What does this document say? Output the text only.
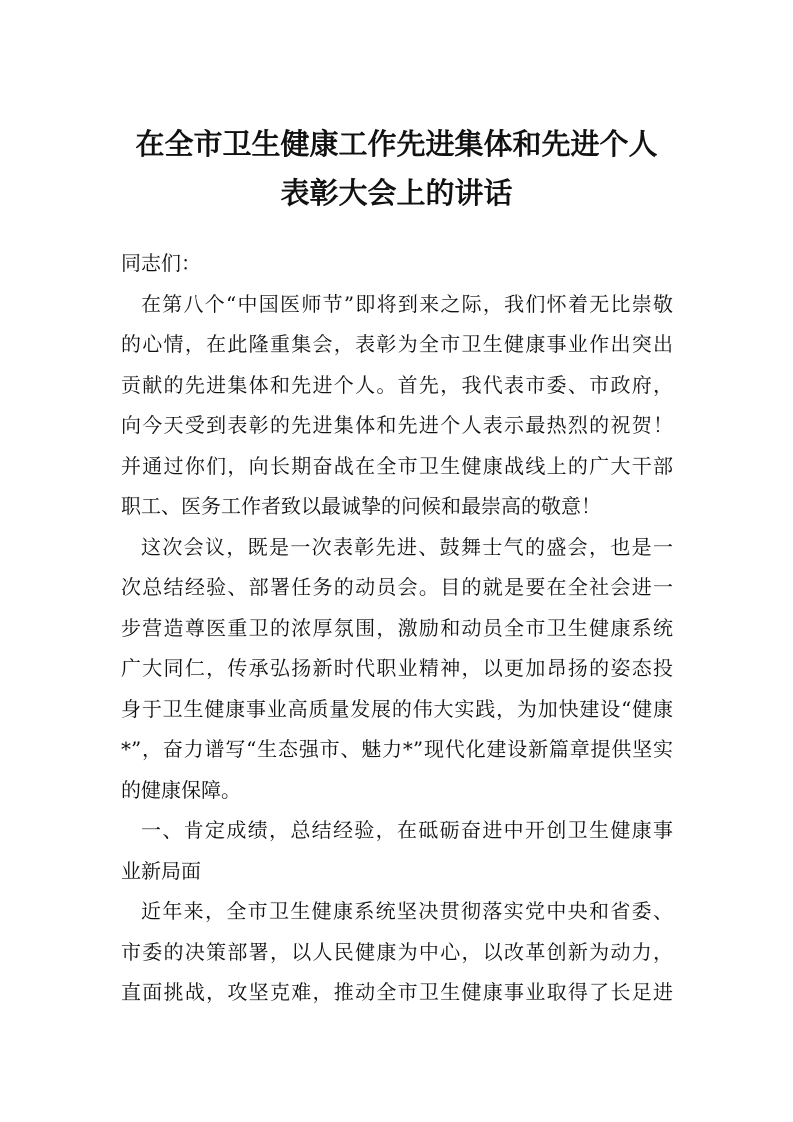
在全市卫生健康工作先进集体和先进个人
表彰大会上的讲话
同志们：
在第八个“中国医师节”即将到来之际，我们怀着无比崇敬
的心情，在此隆重集会，表彰为全市卫生健康事业作出突出
贡献的先进集体和先进个人。首先，我代表市委、市政府，
向今天受到表彰的先进集体和先进个人表示最热烈的祝贺！
并通过你们，向长期奋战在全市卫生健康战线上的广大干部
职工、医务工作者致以最诚挚的问候和最崇高的敬意！
这次会议，既是一次表彰先进、鼓舞士气的盛会，也是一
次总结经验、部署任务的动员会。目的就是要在全社会进一
步营造尊医重卫的浓厚氛围，激励和动员全市卫生健康系统
广大同仁，传承弘扬新时代职业精神，以更加昂扬的姿态投
身于卫生健康事业高质量发展的伟大实践，为加快建设“健康
*”，奋力谱写“生态强市、魅力*”现代化建设新篇章提供坚实
的健康保障。
一、肯定成绩，总结经验，在砥砺奋进中开创卫生健康事
业新局面
近年来，全市卫生健康系统坚决贯彻落实党中央和省委、
市委的决策部署，以人民健康为中心，以改革创新为动力，
直面挑战，攻坚克难，推动全市卫生健康事业取得了长足进
